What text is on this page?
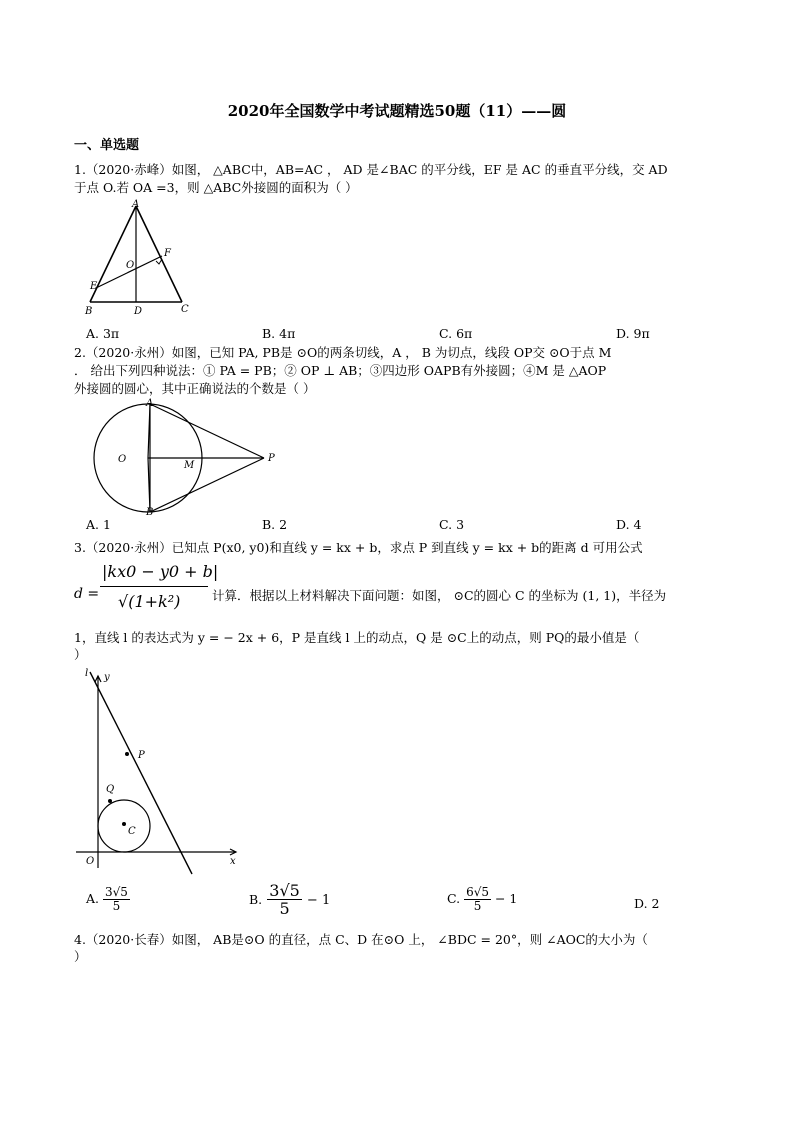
2020年全国数学中考试题精选50题（11）——圆
一、单选题
1.（2020·赤峰）如图， △ABC中，AB=AC ， AD 是∠BAC 的平分线，EF 是 AC 的垂直平分线，交 AD
于点 O.若 OA =3，则 △ABC外接圆的面积为（ ）
A
F
O
E
B	D	C
A. 3π	B. 4π	C. 6π	D. 9π
2.（2020·永州）如图，已知 PA, PB是 ⊙O的两条切线，A ， B 为切点，线段 OP交 ⊙O于点 M
． 给出下列四种说法：① PA = PB；② OP ⊥ AB；③四边形 OAPB有外接圆；④M 是 △AOP
外接圆的圆心，其中正确说法的个数是（ ）
A
O
M
P
B
A. 1	B. 2	C. 3	D. 4
3.（2020·永州）已知点 P(x0, y0)和直线 y = kx + b，求点 P 到直线 y = kx + b的距离 d 可用公式
d =
|kx0 − y0 + b|
√(1+k²)	计算．根据以上材料解决下面问题：如图， ⊙C的圆心 C 的坐标为 (1, 1)，半径为
1，直线 l 的表达式为 y = − 2x + 6，P 是直线 l 上的动点，Q 是 ⊙C上的动点，则 PQ的最小值是（
）
l y
P
Q
C
O	x
A. $\frac{3√5}{5}$	B. $\frac{3√5}{5} - 1$	C. $\frac{6√5}{5} - 1$	D. 2
4.（2020·长春）如图， AB是⊙O 的直径，点 C、D 在⊙O 上， ∠BDC = 20°，则 ∠AOC的大小为（
）
